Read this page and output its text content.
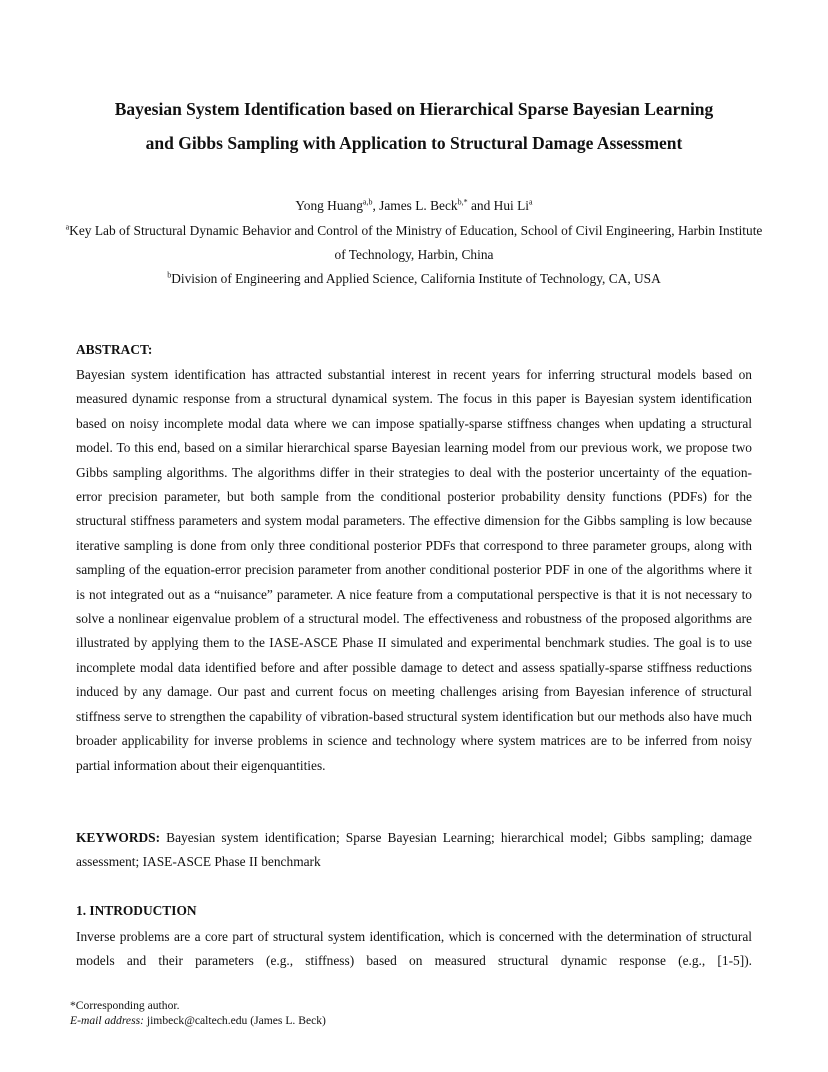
Bayesian System Identification based on Hierarchical Sparse Bayesian Learning
and Gibbs Sampling with Application to Structural Damage Assessment
Yong Huang$^{a,b}$, James L. Beck$^{b,*}$ and Hui Li$^a$
$^a$Key Lab of Structural Dynamic Behavior and Control of the Ministry of Education, School of Civil Engineering, Harbin Institute of Technology, Harbin, China
$^b$Division of Engineering and Applied Science, California Institute of Technology, CA, USA
ABSTRACT:

Bayesian system identification has attracted substantial interest in recent years for inferring structural models based on measured dynamic response from a structural dynamical system. The focus in this paper is Bayesian system identification based on noisy incomplete modal data where we can impose spatially-sparse stiffness changes when updating a structural model. To this end, based on a similar hierarchical sparse Bayesian learning model from our previous work, we propose two Gibbs sampling algorithms. The algorithms differ in their strategies to deal with the posterior uncertainty of the equation-error precision parameter, but both sample from the conditional posterior probability density functions (PDFs) for the structural stiffness parameters and system modal parameters. The effective dimension for the Gibbs sampling is low because iterative sampling is done from only three conditional posterior PDFs that correspond to three parameter groups, along with sampling of the equation-error precision parameter from another conditional posterior PDF in one of the algorithms where it is not integrated out as a “nuisance” parameter. A nice feature from a computational perspective is that it is not necessary to solve a nonlinear eigenvalue problem of a structural model. The effectiveness and robustness of the proposed algorithms are illustrated by applying them to the IASE-ASCE Phase II simulated and experimental benchmark studies. The goal is to use incomplete modal data identified before and after possible damage to detect and assess spatially-sparse stiffness reductions induced by any damage. Our past and current focus on meeting challenges arising from Bayesian inference of structural stiffness serve to strengthen the capability of vibration-based structural system identification but our methods also have much broader applicability for inverse problems in science and technology where system matrices are to be inferred from noisy partial information about their eigenquantities.

KEYWORDS: Bayesian system identification; Sparse Bayesian Learning; hierarchical model; Gibbs sampling; damage assessment; IASE-ASCE Phase II benchmark

1. INTRODUCTION

Inverse problems are a core part of structural system identification, which is concerned with the determination of structural models and their parameters (e.g., stiffness) based on measured structural dynamic response (e.g., [1-5]).

*Corresponding author.
E-mail address: jimbeck@caltech.edu (James L. Beck)
